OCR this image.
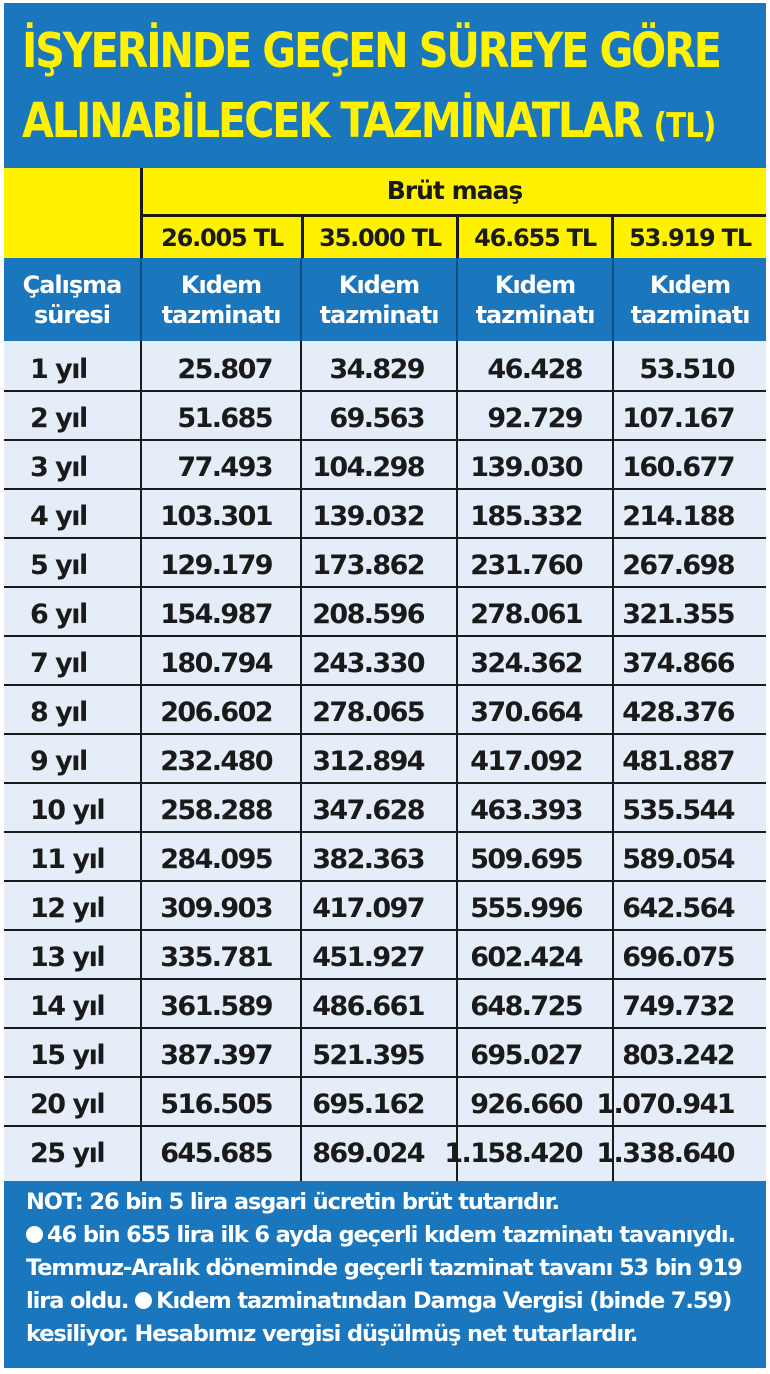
İŞYERİNDE GEÇEN SÜREYE GÖRE
ALINABİLECEK TAZMİNATLAR (TL)
Brüt maaş
26.005 TL	35.000 TL	46.655 TL	53.919 TL
Çalışma
süresi
Kıdem
tazminatı
Kıdem
tazminatı
Kıdem
tazminatı
Kıdem
tazminatı
1 yıl	25.807 34.829 46.428 53.510
2 yıl	51.685 69.563 92.729 107.167
3 yıl	77.493 104.298 139.030 160.677
4 yıl	103.301 139.032 185.332 214.188
5 yıl	129.179 173.862 231.760 267.698
6 yıl	154.987 208.596 278.061 321.355
7 yıl	180.794 243.330 324.362 374.866
8 yıl	206.602 278.065 370.664 428.376
9 yıl	232.480 312.894 417.092 481.887
10 yıl 258.288 347.628 463.393 535.544
11 yıl 284.095 382.363 509.695 589.054
12 yıl 309.903 417.097 555.996 642.564
13 yıl 335.781 451.927 602.424 696.075
14 yıl 361.589 486.661 648.725 749.732
15 yıl 387.397 521.395 695.027 803.242
20 yıl 516.505 695.162 926.660 1.070.941
25 yıl 645.685 869.024 1.158.420 1.338.640

NOT: 26 bin 5 lira asgari ücretin brüt tutarıdır.

46 bin 655 lira ilk 6 ayda geçerli kıdem tazminatı tavanıydı.

Temmuz-Aralık döneminde geçerli tazminat tavanı 53 bin 919

lira oldu. Kıdem tazminatından Damga Vergisi (binde 7.59)

kesiliyor. Hesabımız vergisi düşülmüş net tutarlardır.
